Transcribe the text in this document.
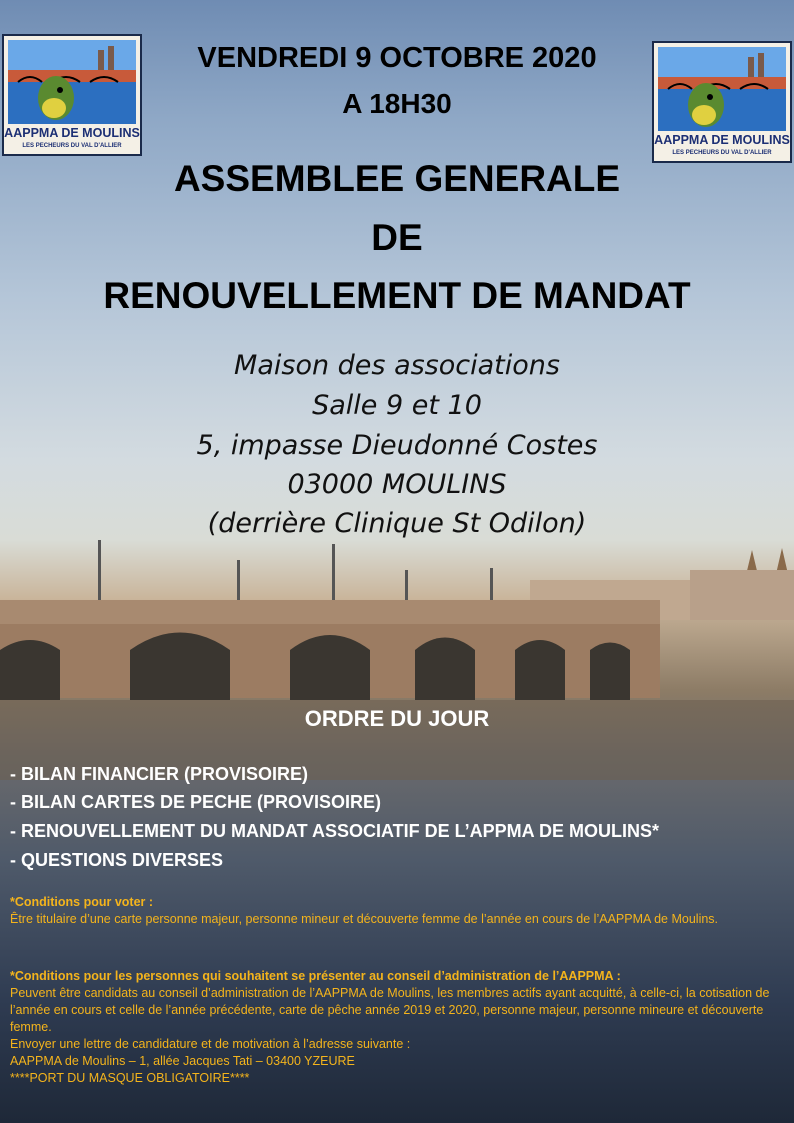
AAPPMA DE MOULINS
LES PECHEURS DU VAL D'ALLIER	AAPPMA DE MOULINS
LES PECHEURS DU VAL D'ALLIER
VENDREDI 9 OCTOBRE 2020
A 18H30
ASSEMBLEE GENERALE
DE
RENOUVELLEMENT DE MANDAT
Maison des associations
Salle 9 et 10
5, impasse Dieudonné Costes
03000 MOULINS
(derrière Clinique St Odilon)
ORDRE DU JOUR
- BILAN FINANCIER (PROVISOIRE)
- BILAN CARTES DE PECHE (PROVISOIRE)
- RENOUVELLEMENT DU MANDAT ASSOCIATIF DE L’APPMA DE MOULINS*
- QUESTIONS DIVERSES
*Conditions pour voter :
Être titulaire d’une carte personne majeur, personne mineur et découverte femme de l’année en cours de l’AAPPMA de Moulins.
*Conditions pour les personnes qui souhaitent se présenter au conseil d’administration de l’AAPPMA :
Peuvent être candidats au conseil d’administration de l’AAPPMA de Moulins, les membres actifs ayant acquitté, à celle-ci, la cotisation de l’année en cours et celle de l’année précédente, carte de pêche année 2019 et 2020, personne majeur, personne mineure et découverte femme.
Envoyer une lettre de candidature et de motivation à l’adresse suivante :
AAPPMA de Moulins – 1, allée Jacques Tati – 03400 YZEURE
****PORT DU MASQUE OBLIGATOIRE****
